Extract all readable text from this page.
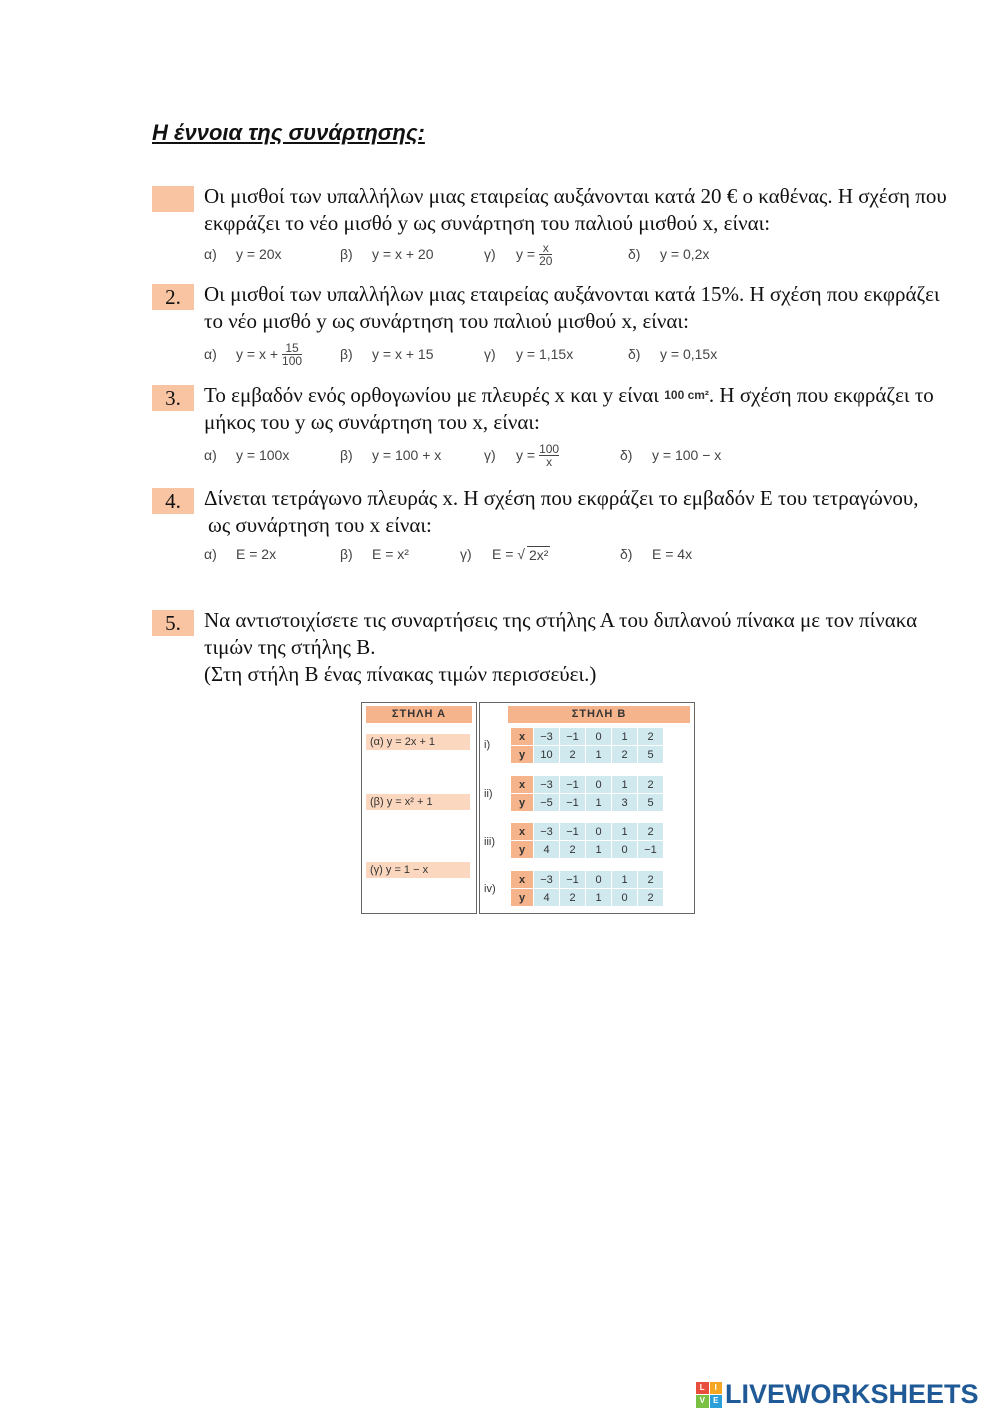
Η έννοια της συνάρτησης:
Οι μισθοί των υπαλλήλων μιας εταιρείας αυξάνονται κατά 20 € ο καθένας. Η σχέση που εκφράζει το νέο μισθό y ως συνάρτηση του παλιού μισθού x, είναι:
α)	y = 20x	β)	y = x + 20	γ)	$y = \frac{x}{20}$	δ)	y = 0,2x
2.	Οι μισθοί των υπαλλήλων μιας εταιρείας αυξάνονται κατά 15%. Η σχέση που εκφράζει το νέο μισθό y ως συνάρτηση του παλιού μισθού x, είναι:
α)	$y = x + \frac{15}{100}$	β)	y = x + 15	γ)	y = 1,15x	δ)	y = 0,15x
3.	Το εμβαδόν ενός ορθογωνίου με πλευρές x και y είναι $^{100 cm^2}$. Η σχέση που εκφράζει το μήκος του y ως συνάρτηση του x, είναι:
α)	y = 100x	β)	y = 100 + x	γ)	$y = \frac{100}{x}$	δ)	y = 100 − x
4.	Δίνεται τετράγωνο πλευράς x. Η σχέση που εκφράζει το εμβαδόν Ε του τετραγώνου,
ως συνάρτηση του x είναι:
α)	E = 2x	β)	E = x²	γ)	E = √ 2x²	δ)	E = 4x
5.	Να αντιστοιχίσετε τις συναρτήσεις της στήλης Α του διπλανού πίνακα με τον πίνακα τιμών της στήλης Β.
(Στη στήλη Β ένας πίνακας τιμών περισσεύει.)
ΣΤΗΛΗ Α
(α) y = 2x + 1
(β) y = x² + 1
(γ) y = 1 − x
ΣΤΗΛΗ Β
i)
x	−3	−1	0	1	2
y	10	2	1	2	5
ii)
x	−3	−1	0	1	2
y	−5	−1	1	3	5
iii)
x	−3	−1	0	1	2
y	4	2	1	0	−1
iv)
x	−3	−1	0	1	2
y	4	2	1	0	2
L	I
V	E LIVEWORKSHEETS
